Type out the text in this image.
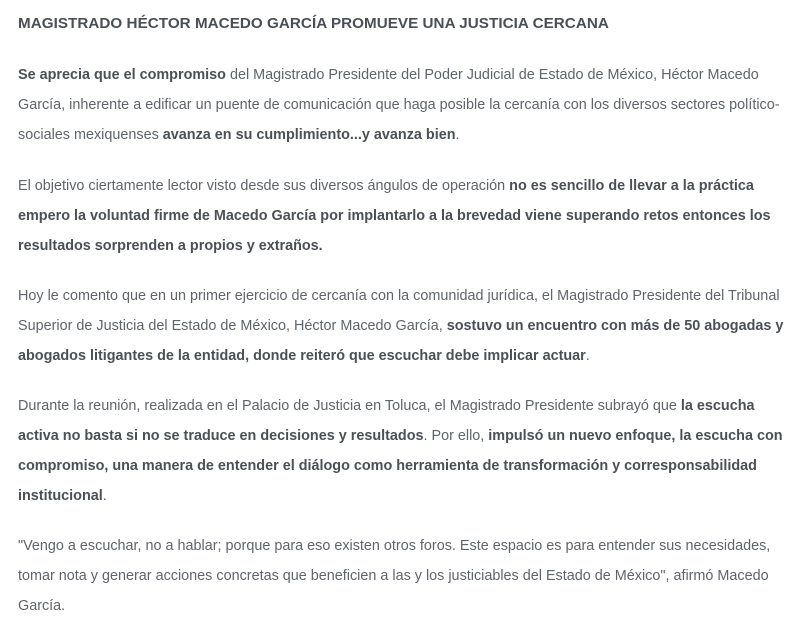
MAGISTRADO HÉCTOR MACEDO GARCÍA PROMUEVE UNA JUSTICIA CERCANA

Se aprecia que el compromiso del Magistrado Presidente del Poder Judicial de Estado de México, Héctor Macedo García, inherente a edificar un puente de comunicación que haga posible la cercanía con los diversos sectores político-sociales mexiquenses avanza en su cumplimiento...y avanza bien.

El objetivo ciertamente lector visto desde sus diversos ángulos de operación no es sencillo de llevar a la práctica empero la voluntad firme de Macedo García por implantarlo a la brevedad viene superando retos entonces los resultados sorprenden a propios y extraños.

Hoy le comento que en un primer ejercicio de cercanía con la comunidad jurídica, el Magistrado Presidente del Tribunal Superior de Justicia del Estado de México, Héctor Macedo García, sostuvo un encuentro con más de 50 abogadas y abogados litigantes de la entidad, donde reiteró que escuchar debe implicar actuar.

Durante la reunión, realizada en el Palacio de Justicia en Toluca, el Magistrado Presidente subrayó que la escucha activa no basta si no se traduce en decisiones y resultados. Por ello, impulsó un nuevo enfoque, la escucha con compromiso, una manera de entender el diálogo como herramienta de transformación y corresponsabilidad institucional.

"Vengo a escuchar, no a hablar; porque para eso existen otros foros. Este espacio es para entender sus necesidades, tomar nota y generar acciones concretas que beneficien a las y los justiciables del Estado de México", afirmó Macedo García.
